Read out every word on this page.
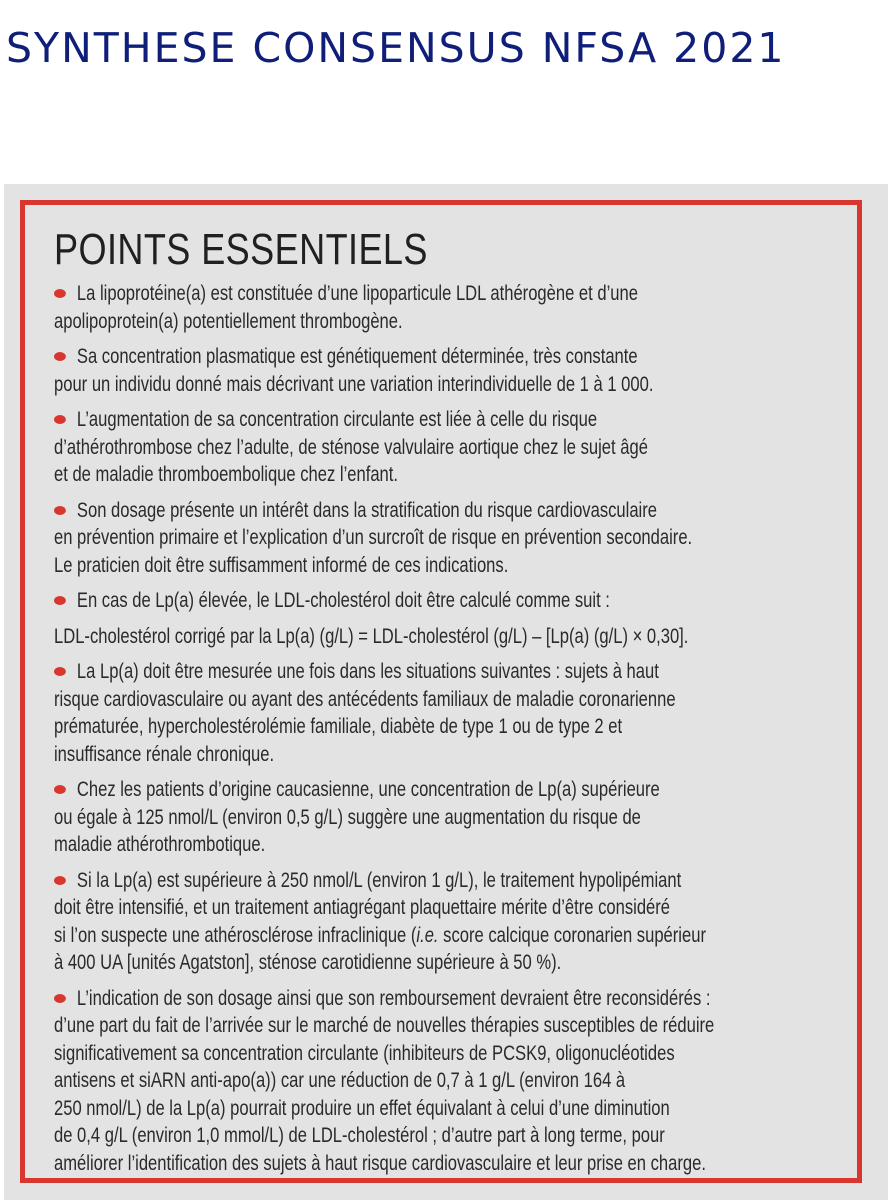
SYNTHESE CONSENSUS NFSA 2021
POINTS ESSENTIELS

La lipoprotéine(a) est constituée d’une lipoparticule LDL athérogène et d’une

apolipoprotein(a) potentiellement thrombogène.

Sa concentration plasmatique est génétiquement déterminée, très constante

pour un individu donné mais décrivant une variation interindividuelle de 1 à 1 000.

L’augmentation de sa concentration circulante est liée à celle du risque

d’athérothrombose chez l’adulte, de sténose valvulaire aortique chez le sujet âgé

et de maladie thromboembolique chez l’enfant.

Son dosage présente un intérêt dans la stratification du risque cardiovasculaire

en prévention primaire et l’explication d’un surcroît de risque en prévention secondaire.

Le praticien doit être suffisamment informé de ces indications.

En cas de Lp(a) élevée, le LDL-cholestérol doit être calculé comme suit :

LDL-cholestérol corrigé par la Lp(a) (g/L) = LDL-cholestérol (g/L) – [Lp(a) (g/L) × 0,30].

La Lp(a) doit être mesurée une fois dans les situations suivantes : sujets à haut

risque cardiovasculaire ou ayant des antécédents familiaux de maladie coronarienne

prématurée, hypercholestérolémie familiale, diabète de type 1 ou de type 2 et

insuffisance rénale chronique.

Chez les patients d’origine caucasienne, une concentration de Lp(a) supérieure

ou égale à 125 nmol/L (environ 0,5 g/L) suggère une augmentation du risque de

maladie athérothrombotique.

Si la Lp(a) est supérieure à 250 nmol/L (environ 1 g/L), le traitement hypolipémiant

doit être intensifié, et un traitement antiagrégant plaquettaire mérite d’être considéré

si l’on suspecte une athérosclérose infraclinique (i.e. score calcique coronarien supérieur

à 400 UA [unités Agatston], sténose carotidienne supérieure à 50 %).

L’indication de son dosage ainsi que son remboursement devraient être reconsidérés :

d’une part du fait de l’arrivée sur le marché de nouvelles thérapies susceptibles de réduire

significativement sa concentration circulante (inhibiteurs de PCSK9, oligonucléotides

antisens et siARN anti-apo(a)) car une réduction de 0,7 à 1 g/L (environ 164 à

250 nmol/L) de la Lp(a) pourrait produire un effet équivalant à celui d’une diminution

de 0,4 g/L (environ 1,0 mmol/L) de LDL-cholestérol ; d’autre part à long terme, pour

améliorer l’identification des sujets à haut risque cardiovasculaire et leur prise en charge.
